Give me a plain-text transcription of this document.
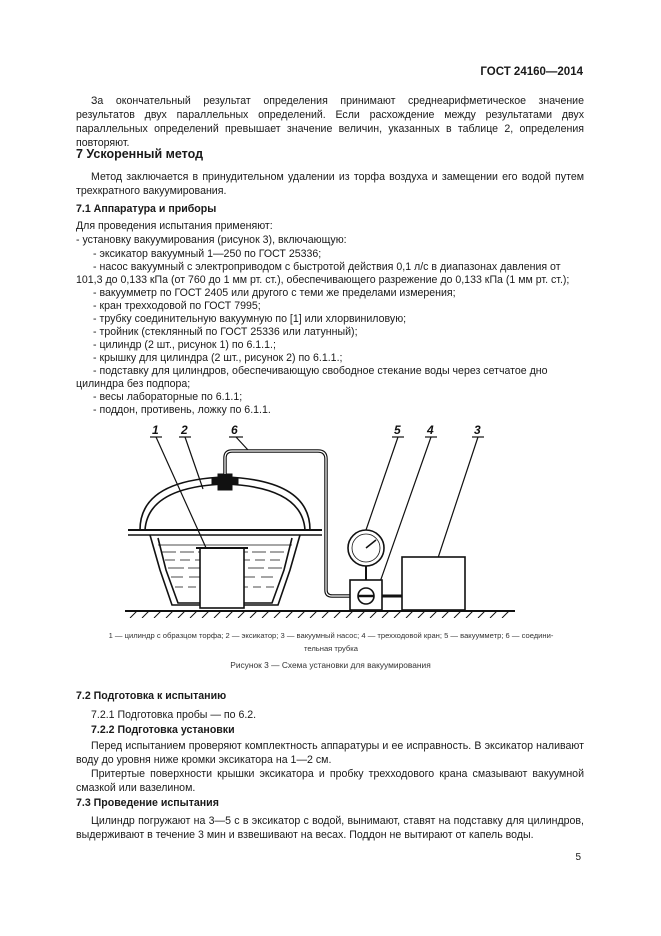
ГОСТ 24160—2014
За окончательный результат определения принимают среднеарифметическое значение результатов двух параллельных определений. Если расхождение между результатами двух параллельных определений превышает значение величин, указанных в таблице 2, определения повторяют.
7 Ускоренный метод
Метод заключается в принудительном удалении из торфа воздуха и замещении его водой путем трехкратного вакуумирования.
7.1 Аппаратура и приборы
Для проведения испытания применяют:
- установку вакуумирования (рисунок 3), включающую:
- эксикатор вакуумный 1—250 по ГОСТ 25336;
- насос вакуумный с электроприводом с быстротой действия 0,1 л/с в диапазонах давления от
101,3 до 0,133 кПа (от 760 до 1 мм рт. ст.), обеспечивающего разрежение до 0,133 кПа (1 мм рт. ст.);
- вакуумметр по ГОСТ 2405 или другого с теми же пределами измерения;
- кран трехходовой по ГОСТ 7995;
- трубку соединительную вакуумную по [1] или хлорвиниловую;
- тройник (стеклянный по ГОСТ 25336 или латунный);
- цилиндр (2 шт., рисунок 1) по 6.1.1.;
- крышку для цилиндра (2 шт., рисунок 2) по 6.1.1.;
- подставку для цилиндров, обеспечивающую свободное стекание воды через сетчатое дно
цилиндра без подпора;
- весы лабораторные по 6.1.1;
- поддон, противень, ложку по 6.1.1.
1 2	6	5 4	3
1 — цилиндр с образцом торфа; 2 — эксикатор; 3 — вакуумный насос; 4 — трехходовой кран; 5 — вакуумметр; 6 — соедини-
тельная трубка
Рисунок 3 — Схема установки для вакуумирования
7.2 Подготовка к испытанию
7.2.1 Подготовка пробы — по 6.2.
7.2.2 Подготовка установки
Перед испытанием проверяют комплектность аппаратуры и ее исправность. В эксикатор наливают воду до уровня ниже кромки эксикатора на 1—2 см.
Притертые поверхности крышки эксикатора и пробку трехходового крана смазывают вакуумной смазкой или вазелином.
7.3 Проведение испытания
Цилиндр погружают на 3—5 с в эксикатор с водой, вынимают, ставят на подставку для цилиндров, выдерживают в течение 3 мин и взвешивают на весах. Поддон не вытирают от капель воды.
5
